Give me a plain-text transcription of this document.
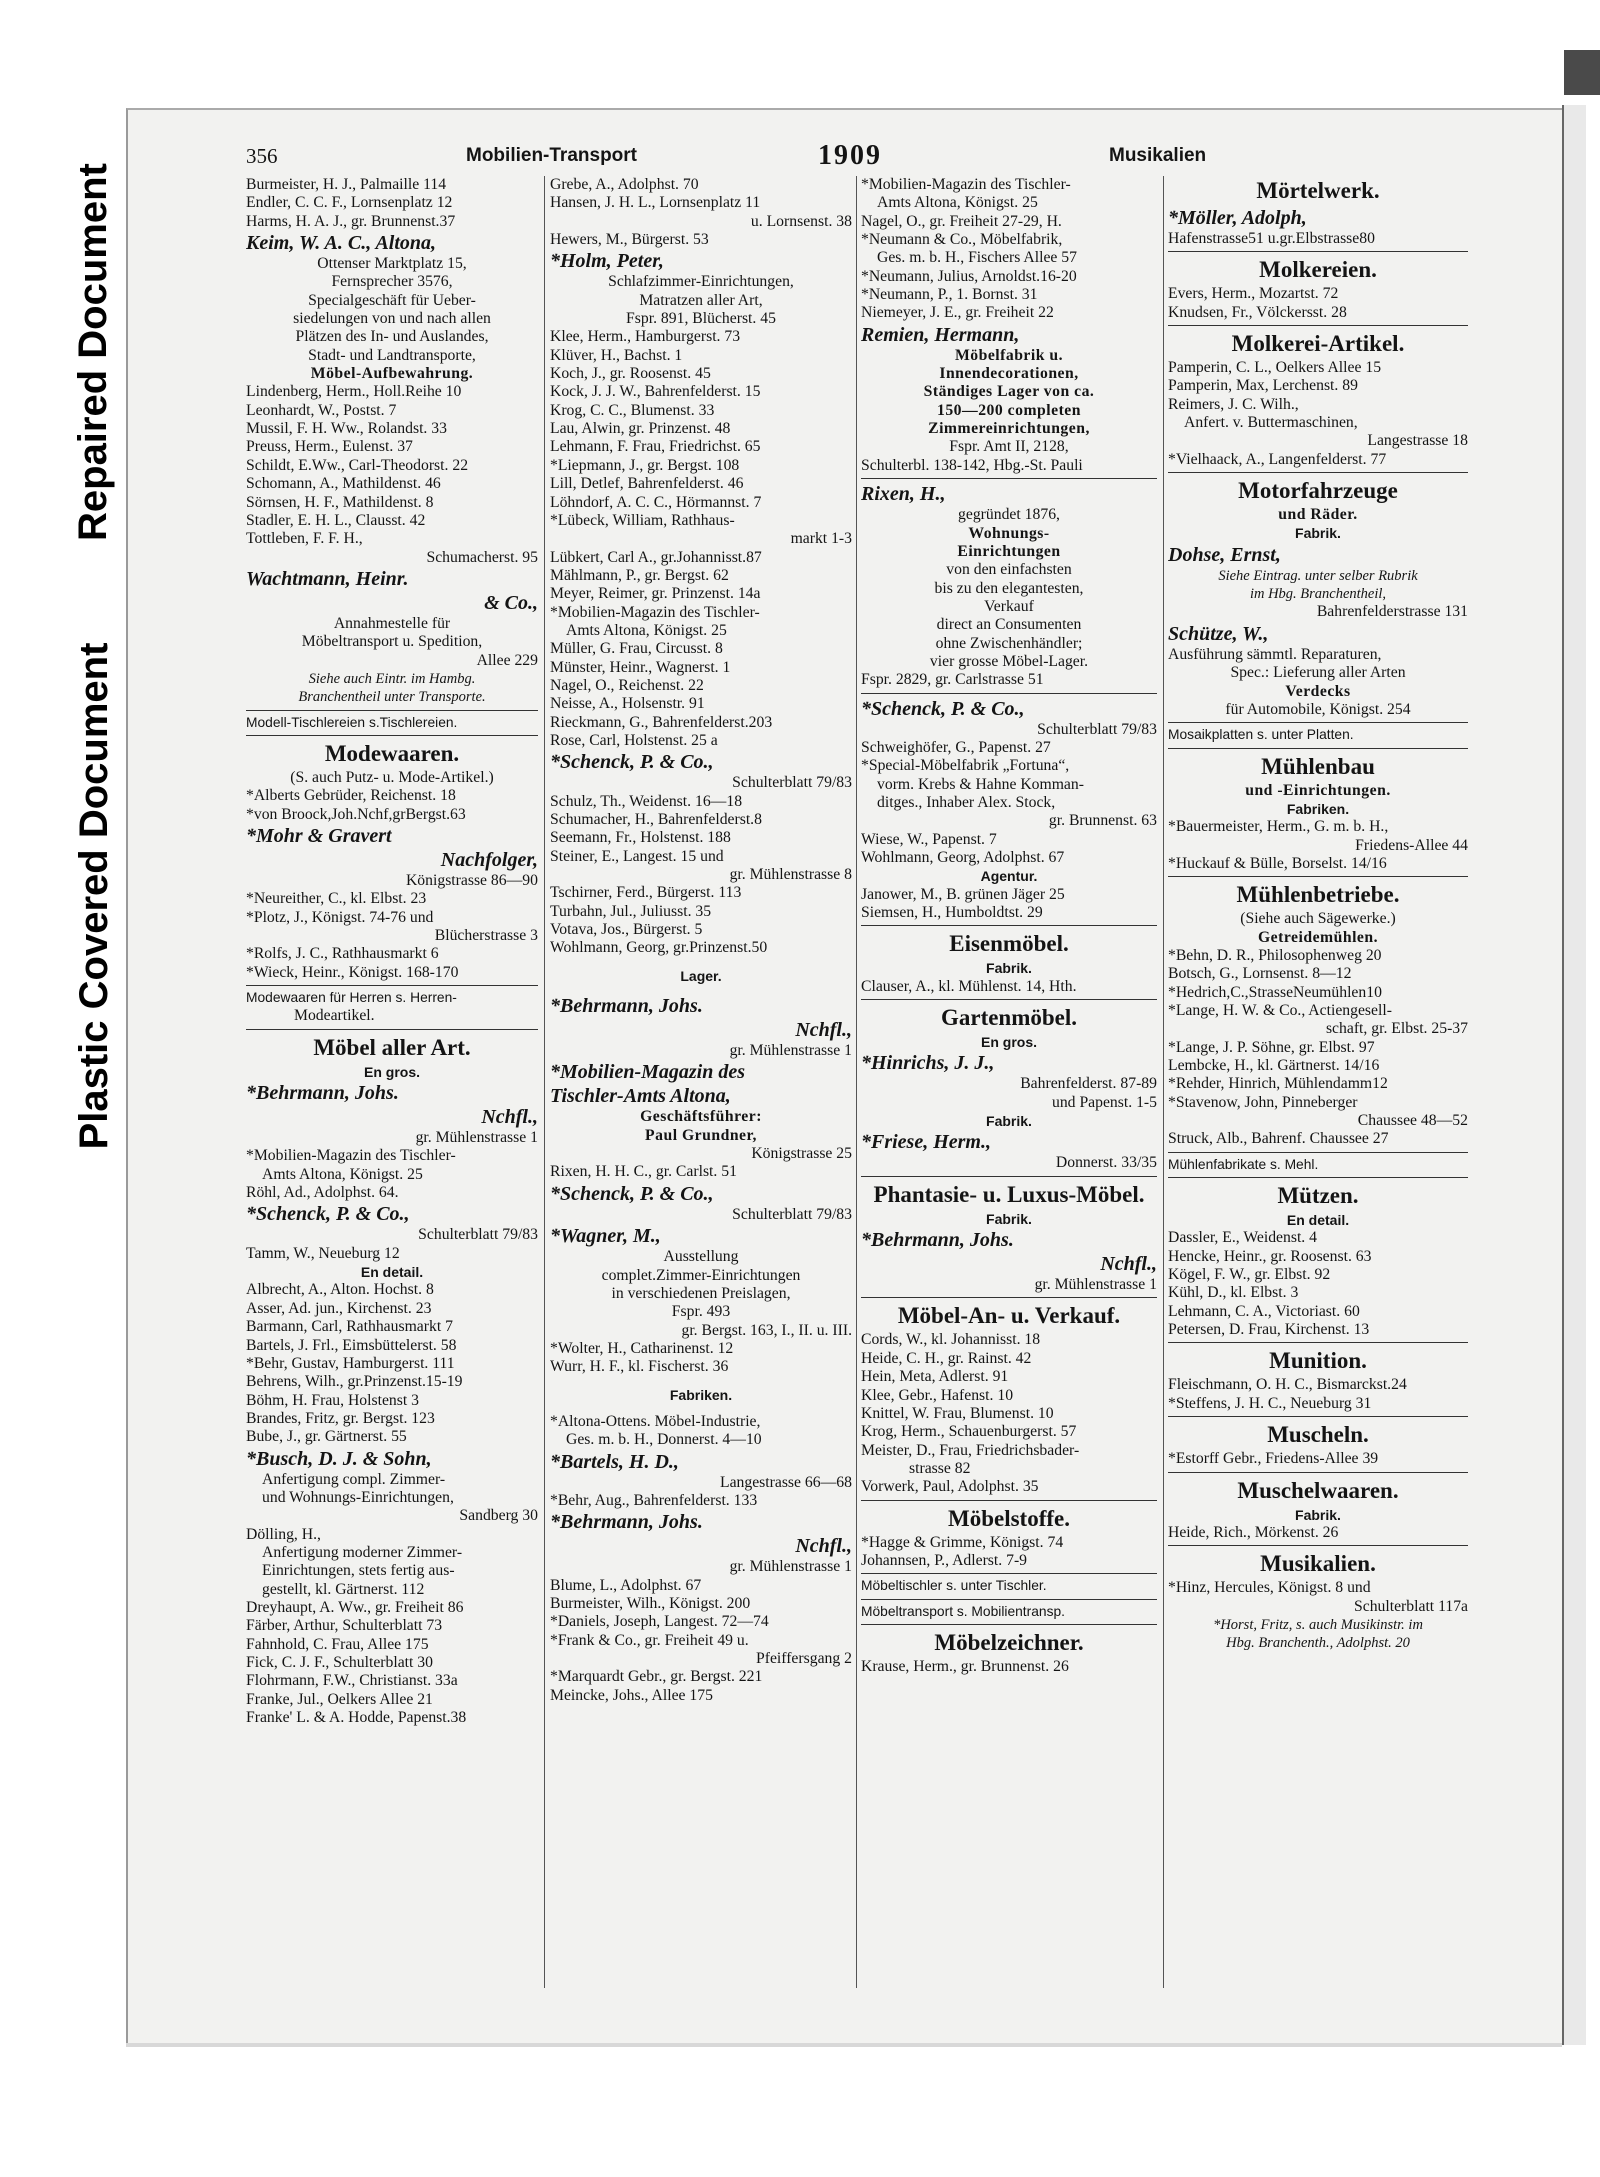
Repaired Document
Plastic Covered Document
356	Mobilien-Transport	1909	Musikalien
Burmeister, H. J., Palmaille 114
Endler, C. C. F., Lornsenplatz 12
Harms, H. A. J., gr. Brunnenst.37
Keim, W. A. C., Altona,
Ottenser Marktplatz 15,
Fernsprecher 3576,
Specialgeschäft für Ueber-
siedelungen von und nach allen
Plätzen des In- und Auslandes,
Stadt- und Landtransporte,
Möbel-Aufbewahrung.
Lindenberg, Herm., Holl.Reihe 10
Leonhardt, W., Postst. 7
Mussil, F. H. Ww., Rolandst. 33
Preuss, Herm., Eulenst. 37
Schildt, E.Ww., Carl-Theodorst. 22
Schomann, A., Mathildenst. 46
Sörnsen, H. F., Mathildenst. 8
Stadler, E. H. L., Clausst. 42
Tottleben, F. F. H.,
Schumacherst. 95
Wachtmann, Heinr.
& Co.,
Annahmestelle für
Möbeltransport u. Spedition,
Allee 229
Siehe auch Eintr. im Hambg.
Branchentheil unter Transporte.
Modell-Tischlereien s.Tischlereien.
Modewaaren.
(S. auch Putz- u. Mode-Artikel.)
*Alberts Gebrüder, Reichenst. 18
*von Broock,Joh.Nchf,grBergst.63
*Mohr & Gravert
Nachfolger,
Königstrasse 86—90
*Neureither, C., kl. Elbst. 23
*Plotz, J., Königst. 74-76 und
Blücherstrasse 3
*Rolfs, J. C., Rathhausmarkt 6
*Wieck, Heinr., Königst. 168-170
Modewaaren für Herren s. Herren-
Modeartikel.
Möbel aller Art.
En gros.
*Behrmann, Johs.
Nchfl.,
gr. Mühlenstrasse 1
*Mobilien-Magazin des Tischler-
Amts Altona, Königst. 25
Röhl, Ad., Adolphst. 64.
*Schenck, P. & Co.,
Schulterblatt 79/83
Tamm, W., Neueburg 12
En detail.
Albrecht, A., Alton. Hochst. 8
Asser, Ad. jun., Kirchenst. 23
Barmann, Carl, Rathhausmarkt 7
Bartels, J. Frl., Eimsbüttelerst. 58
*Behr, Gustav, Hamburgerst. 111
Behrens, Wilh., gr.Prinzenst.15-19
Böhm, H. Frau, Holstenst 3
Brandes, Fritz, gr. Bergst. 123
Bube, J., gr. Gärtnerst. 55
*Busch, D. J. & Sohn,
Anfertigung compl. Zimmer-
und Wohnungs-Einrichtungen,
Sandberg 30
Dölling, H.,
Anfertigung moderner Zimmer-
Einrichtungen, stets fertig aus-
gestellt, kl. Gärtnerst. 112
Dreyhaupt, A. Ww., gr. Freiheit 86
Färber, Arthur, Schulterblatt 73
Fahnhold, C. Frau, Allee 175
Fick, C. J. F., Schulterblatt 30
Flohrmann, F.W., Christianst. 33a
Franke, Jul., Oelkers Allee 21
Franke' L. & A. Hodde, Papenst.38
Grebe, A., Adolphst. 70
Hansen, J. H. L., Lornsenplatz 11
u. Lornsenst. 38
Hewers, M., Bürgerst. 53
*Holm, Peter,
Schlafzimmer-Einrichtungen,
Matratzen aller Art,
Fspr. 891, Blücherst. 45
Klee, Herm., Hamburgerst. 73
Klüver, H., Bachst. 1
Koch, J., gr. Roosenst. 45
Kock, J. J. W., Bahrenfelderst. 15
Krog, C. C., Blumenst. 33
Lau, Alwin, gr. Prinzenst. 48
Lehmann, F. Frau, Friedrichst. 65
*Liepmann, J., gr. Bergst. 108
Lill, Detlef, Bahrenfelderst. 46
Löhndorf, A. C. C., Hörmannst. 7
*Lübeck, William, Rathhaus-
markt 1-3
Lübkert, Carl A., gr.Johannisst.87
Mählmann, P., gr. Bergst. 62
Meyer, Reimer, gr. Prinzenst. 14a
*Mobilien-Magazin des Tischler-
Amts Altona, Königst. 25
Müller, G. Frau, Circusst. 8
Münster, Heinr., Wagnerst. 1
Nagel, O., Reichenst. 22
Neisse, A., Holsenstr. 91
Rieckmann, G., Bahrenfelderst.203
Rose, Carl, Holstenst. 25 a
*Schenck, P. & Co.,
Schulterblatt 79/83
Schulz, Th., Weidenst. 16—18
Schumacher, H., Bahrenfelderst.8
Seemann, Fr., Holstenst. 188
Steiner, E., Langest. 15 und
gr. Mühlenstrasse 8
Tschirner, Ferd., Bürgerst. 113
Turbahn, Jul., Juliusst. 35
Votava, Jos., Bürgerst. 5
Wohlmann, Georg, gr.Prinzenst.50
Lager.
*Behrmann, Johs.
Nchfl.,
gr. Mühlenstrasse 1
*Mobilien-Magazin des
Tischler-Amts Altona,
Geschäftsführer:
Paul Grundner,
Königstrasse 25
Rixen, H. H. C., gr. Carlst. 51
*Schenck, P. & Co.,
Schulterblatt 79/83
*Wagner, M.,
Ausstellung
complet.Zimmer-Einrichtungen
in verschiedenen Preislagen,
Fspr. 493
gr. Bergst. 163, I., II. u. III.
*Wolter, H., Catharinenst. 12
Wurr, H. F., kl. Fischerst. 36
Fabriken.
*Altona-Ottens. Möbel-Industrie,
Ges. m. b. H., Donnerst. 4—10
*Bartels, H. D.,
Langestrasse 66—68
*Behr, Aug., Bahrenfelderst. 133
*Behrmann, Johs.
Nchfl.,
gr. Mühlenstrasse 1
Blume, L., Adolphst. 67
Burmeister, Wilh., Königst. 200
*Daniels, Joseph, Langest. 72—74
*Frank & Co., gr. Freiheit 49 u.
Pfeiffersgang 2
*Marquardt Gebr., gr. Bergst. 221
Meincke, Johs., Allee 175
*Mobilien-Magazin des Tischler-
Amts Altona, Königst. 25
Nagel, O., gr. Freiheit 27-29, H.
*Neumann & Co., Möbelfabrik,
Ges. m. b. H., Fischers Allee 57
*Neumann, Julius, Arnoldst.16-20
*Neumann, P., 1. Bornst. 31
Niemeyer, J. E., gr. Freiheit 22
Remien, Hermann,
Möbelfabrik u.
Innendecorationen,
Ständiges Lager von ca.
150—200 completen
Zimmereinrichtungen,
Fspr. Amt II, 2128,
Schulterbl. 138-142, Hbg.-St. Pauli
Rixen, H.,
gegründet 1876,
Wohnungs-
Einrichtungen
von den einfachsten
bis zu den elegantesten,
Verkauf
direct an Consumenten
ohne Zwischenhändler;
vier grosse Möbel-Lager.
Fspr. 2829, gr. Carlstrasse 51
*Schenck, P. & Co.,
Schulterblatt 79/83
Schweighöfer, G., Papenst. 27
*Special-Möbelfabrik „Fortuna“,
vorm. Krebs & Hahne Komman-
ditges., Inhaber Alex. Stock,
gr. Brunnenst. 63
Wiese, W., Papenst. 7
Wohlmann, Georg, Adolphst. 67
Agentur.
Janower, M., B. grünen Jäger 25
Siemsen, H., Humboldtst. 29
Eisenmöbel.
Fabrik.
Clauser, A., kl. Mühlenst. 14, Hth.
Gartenmöbel.
En gros.
*Hinrichs, J. J.,
Bahrenfelderst. 87-89
und Papenst. 1-5
Fabrik.
*Friese, Herm.,
Donnerst. 33/35
Phantasie- u. Luxus-Möbel.
Fabrik.
*Behrmann, Johs.
Nchfl.,
gr. Mühlenstrasse 1
Möbel-An- u. Verkauf.
Cords, W., kl. Johannisst. 18
Heide, C. H., gr. Rainst. 42
Hein, Meta, Adlerst. 91
Klee, Gebr., Hafenst. 10
Knittel, W. Frau, Blumenst. 10
Krog, Herm., Schauenburgerst. 57
Meister, D., Frau, Friedrichsbader-
strasse 82
Vorwerk, Paul, Adolphst. 35
Möbelstoffe.
*Hagge & Grimme, Königst. 74
Johannsen, P., Adlerst. 7-9
Möbeltischler s. unter Tischler.
Möbeltransport s. Mobilientransp.
Möbelzeichner.
Krause, Herm., gr. Brunnenst. 26
Mörtelwerk.
*Möller, Adolph,
Hafenstrasse51 u.gr.Elbstrasse80
Molkereien.
Evers, Herm., Mozartst. 72
Knudsen, Fr., Völckersst. 28
Molkerei-Artikel.
Pamperin, C. L., Oelkers Allee 15
Pamperin, Max, Lerchenst. 89
Reimers, J. C. Wilh.,
Anfert. v. Buttermaschinen,
Langestrasse 18
*Vielhaack, A., Langenfelderst. 77
Motorfahrzeuge
und Räder.
Fabrik.
Dohse, Ernst,
Siehe Eintrag. unter selber Rubrik
im Hbg. Branchentheil,
Bahrenfelderstrasse 131
Schütze, W.,
Ausführung sämmtl. Reparaturen,
Spec.: Lieferung aller Arten
Verdecks
für Automobile, Königst. 254
Mosaikplatten s. unter Platten.
Mühlenbau
und -Einrichtungen.
Fabriken.
*Bauermeister, Herm., G. m. b. H.,
Friedens-Allee 44
*Huckauf & Bülle, Borselst. 14/16
Mühlenbetriebe.
(Siehe auch Sägewerke.)
Getreidemühlen.
*Behn, D. R., Philosophenweg 20
Botsch, G., Lornsenst. 8—12
*Hedrich,C.,StrasseNeumühlen10
*Lange, H. W. & Co., Actiengesell-
schaft, gr. Elbst. 25-37
*Lange, J. P. Söhne, gr. Elbst. 97
Lembcke, H., kl. Gärtnerst. 14/16
*Rehder, Hinrich, Mühlendamm12
*Stavenow, John, Pinneberger
Chaussee 48—52
Struck, Alb., Bahrenf. Chaussee 27
Mühlenfabrikate s. Mehl.
Mützen.
En detail.
Dassler, E., Weidenst. 4
Hencke, Heinr., gr. Roosenst. 63
Kögel, F. W., gr. Elbst. 92
Kühl, D., kl. Elbst. 3
Lehmann, C. A., Victoriast. 60
Petersen, D. Frau, Kirchenst. 13
Munition.
Fleischmann, O. H. C., Bismarckst.24
*Steffens, J. H. C., Neueburg 31
Muscheln.
*Estorff Gebr., Friedens-Allee 39
Muschelwaaren.
Fabrik.
Heide, Rich., Mörkenst. 26
Musikalien.
*Hinz, Hercules, Königst. 8 und
Schulterblatt 117a
*Horst, Fritz, s. auch Musikinstr. im
Hbg. Branchenth., Adolphst. 20
